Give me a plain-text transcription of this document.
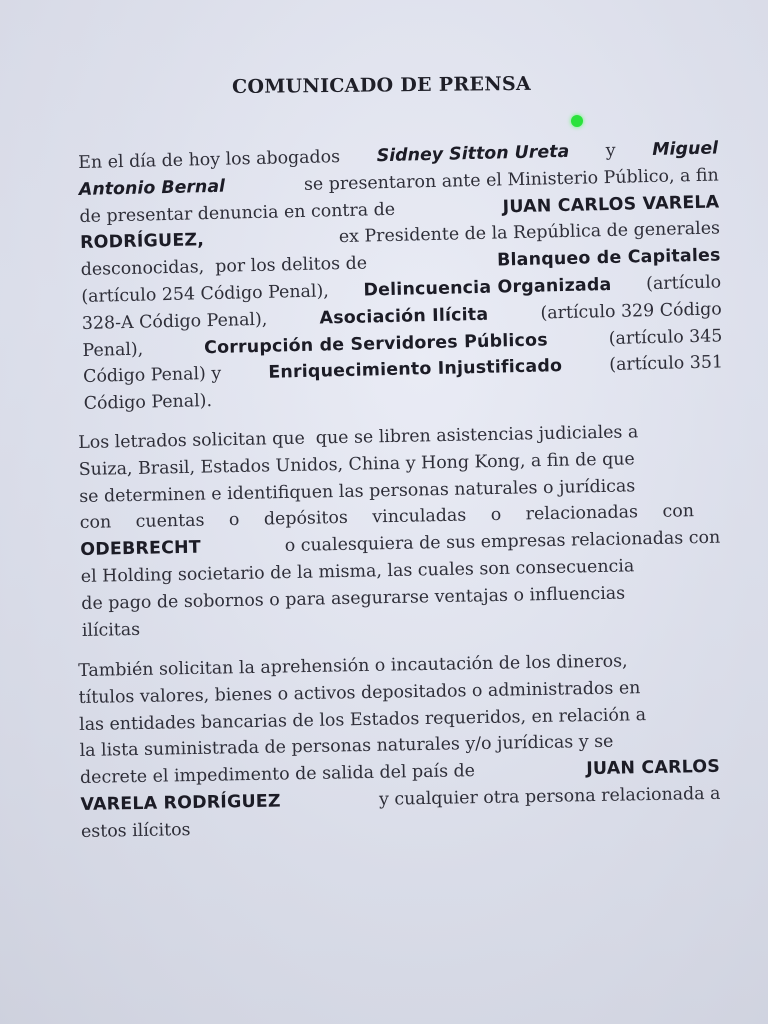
COMUNICADO DE PRENSA
En el día de hoy los abogados Sidney Sitton Ureta y Miguel
Antonio Bernal	se presentaron ante el Ministerio Público, a fin
de presentar denuncia en contra de	JUAN CARLOS VARELA
RODRÍGUEZ,	ex Presidente de la República de generales
desconocidas,  por los delitos de	Blanqueo de Capitales
(artículo 254 Código Penal), Delincuencia Organizada (artículo
328-A Código Penal),	Asociación Ilícita	(artículo 329 Código
Penal),	Corrupción de Servidores Públicos	(artículo 345
Código Penal) y Enriquecimiento Injustificado (artículo 351
Código Penal).
Los letrados solicitan que  que se libren asistencias judiciales a
Suiza, Brasil, Estados Unidos, China y Hong Kong, a fin de que
se determinen e identifiquen las personas naturales o jurídicas
con cuentas o depósitos vinculadas o relacionadas con
ODEBRECHT	o cualesquiera de sus empresas relacionadas con
el Holding societario de la misma, las cuales son consecuencia
de pago de sobornos o para asegurarse ventajas o influencias
ilícitas
También solicitan la aprehensión o incautación de los dineros,
títulos valores, bienes o activos depositados o administrados en
las entidades bancarias de los Estados requeridos, en relación a
la lista suministrada de personas naturales y/o jurídicas y se
decrete el impedimento de salida del país de	JUAN CARLOS
VARELA RODRÍGUEZ	y cualquier otra persona relacionada a
estos ilícitos
